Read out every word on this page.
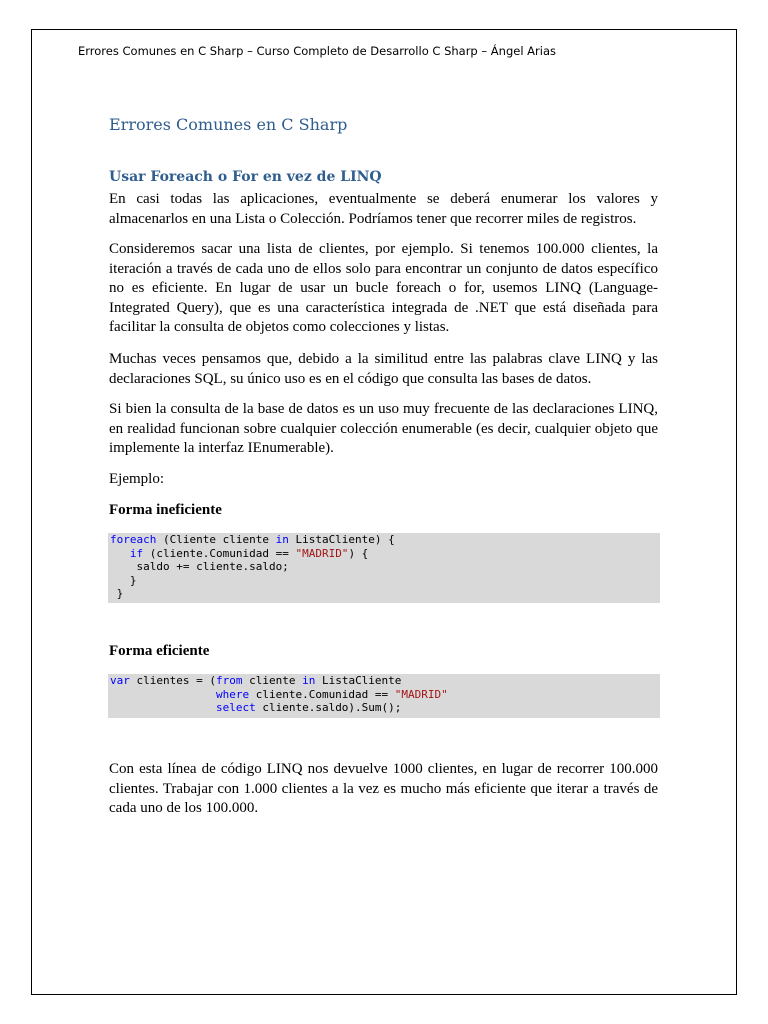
Errores Comunes en C Sharp – Curso Completo de Desarrollo C Sharp – Ángel Arias
Errores Comunes en C Sharp
Usar Foreach o For en vez de LINQ

En casi todas las aplicaciones, eventualmente se deberá enumerar los valores y almacenarlos en una Lista o Colección. Podríamos tener que recorrer miles de registros.

Consideremos sacar una lista de clientes, por ejemplo. Si tenemos 100.000 clientes, la iteración a través de cada uno de ellos solo para encontrar un conjunto de datos específico no es eficiente. En lugar de usar un bucle foreach o for, usemos LINQ (Language-Integrated Query), que es una característica integrada de .NET que está diseñada para facilitar la consulta de objetos como colecciones y listas.

Muchas veces pensamos que, debido a la similitud entre las palabras clave LINQ y las declaraciones SQL, su único uso es en el código que consulta las bases de datos.

Si bien la consulta de la base de datos es un uso muy frecuente de las declaraciones LINQ, en realidad funcionan sobre cualquier colección enumerable (es decir, cualquier objeto que implemente la interfaz IEnumerable).

Ejemplo:

Forma ineficiente

foreach (Cliente cliente in ListaCliente) {
if (cliente.Comunidad == "MADRID") {
saldo += cliente.saldo;
}
}

Forma eficiente

var clientes = (from cliente in ListaCliente
where cliente.Comunidad == "MADRID"
select cliente.saldo).Sum();

Con esta línea de código LINQ nos devuelve 1000 clientes, en lugar de recorrer 100.000 clientes. Trabajar con 1.000 clientes a la vez es mucho más eficiente que iterar a través de cada uno de los 100.000.
